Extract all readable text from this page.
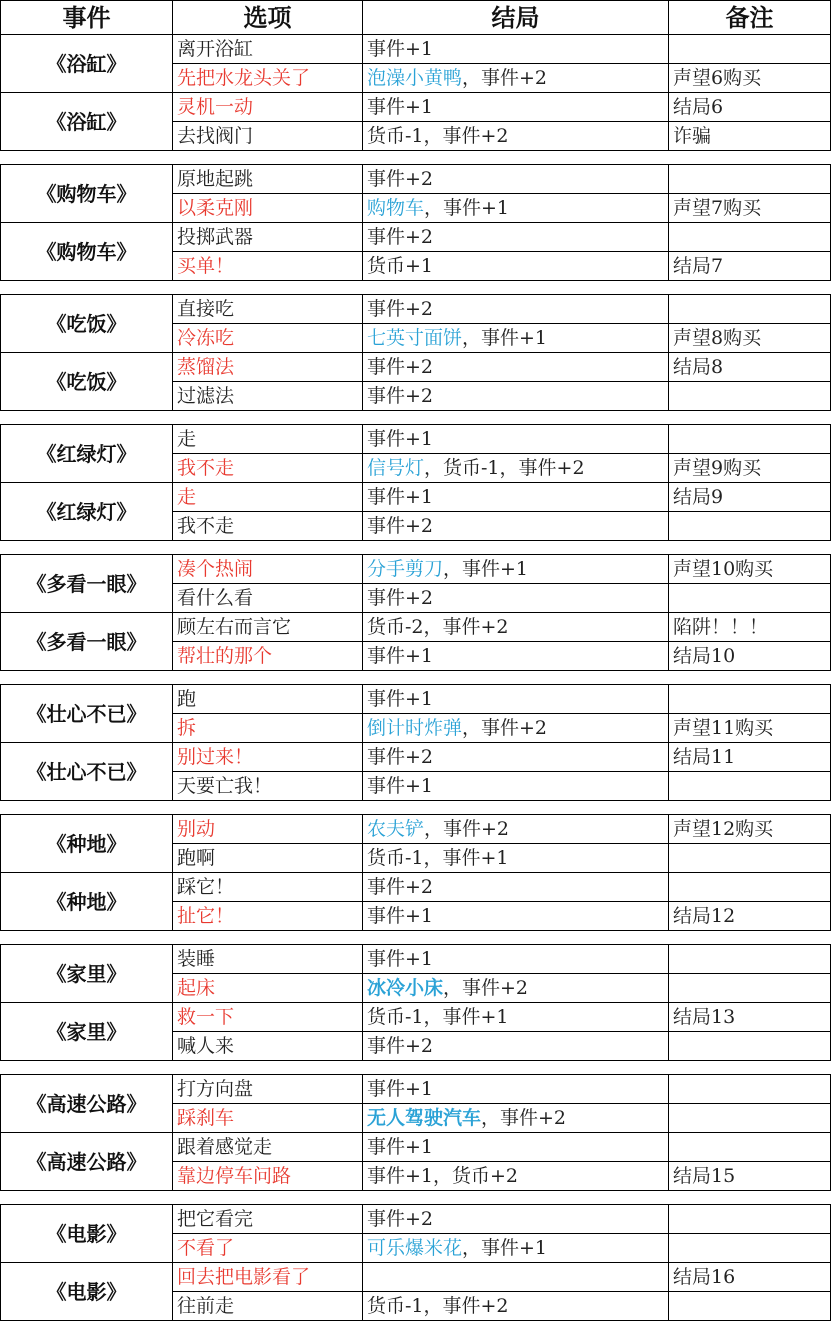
事件	选项	结局	备注
《浴缸》	离开浴缸	事件+1	
	先把水龙头关了	泡澡小黄鸭，事件+2	声望6购买
《浴缸》	灵机一动	事件+1	结局6
	去找阀门	货币-1，事件+2	诈骗

《购物车》	原地起跳	事件+2	
	以柔克刚	购物车，事件+1	声望7购买
《购物车》	投掷武器	事件+2	
	买单！	货币+1	结局7

《吃饭》	直接吃	事件+2	
	冷冻吃	七英寸面饼，事件+1	声望8购买
《吃饭》	蒸馏法	事件+2	结局8
	过滤法	事件+2	

《红绿灯》	走	事件+1	
	我不走	信号灯，货币-1，事件+2	声望9购买
《红绿灯》	走	事件+1	结局9
	我不走	事件+2	

《多看一眼》	凑个热闹	分手剪刀，事件+1	声望10购买
	看什么看	事件+2	
《多看一眼》	顾左右而言它	货币-2，事件+2	陷阱！！！
	帮壮的那个	事件+1	结局10

《壮心不已》	跑	事件+1	
	拆	倒计时炸弹，事件+2	声望11购买
《壮心不已》	别过来！	事件+2	结局11
	天要亡我！	事件+1	

《种地》	别动	农夫铲，事件+2	声望12购买
	跑啊	货币-1，事件+1	
《种地》	踩它！	事件+2	
	扯它！	事件+1	结局12

《家里》	装睡	事件+1	
	起床	冰冷小床，事件+2	
《家里》	救一下	货币-1，事件+1	结局13
	喊人来	事件+2	

《高速公路》	打方向盘	事件+1	
	踩刹车	无人驾驶汽车，事件+2	
《高速公路》	跟着感觉走	事件+1	
	靠边停车问路	事件+1，货币+2	结局15

《电影》	把它看完	事件+2	
	不看了	可乐爆米花，事件+1	
《电影》	回去把电影看了		结局16
	往前走	货币-1，事件+2	
